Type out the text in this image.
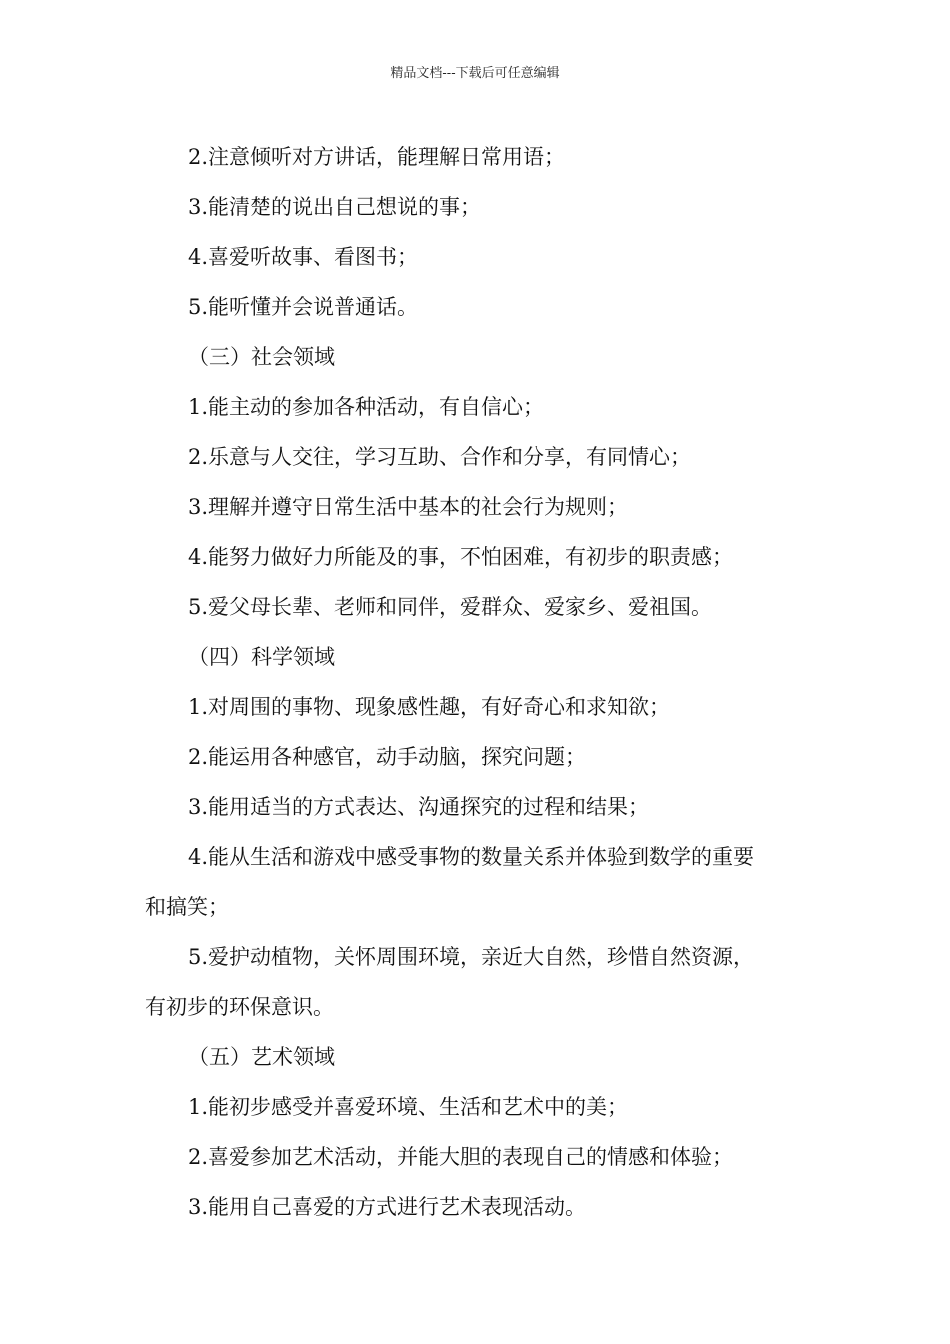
精品文档---下载后可任意编辑
2.注意倾听对方讲话，能理解日常用语；
3.能清楚的说出自己想说的事；
4.喜爱听故事、看图书；
5.能听懂并会说普通话。
（三）社会领域
1.能主动的参加各种活动，有自信心；
2.乐意与人交往，学习互助、合作和分享，有同情心；
3.理解并遵守日常生活中基本的社会行为规则；
4.能努力做好力所能及的事，不怕困难，有初步的职责感；
5.爱父母长辈、老师和同伴，爱群众、爱家乡、爱祖国。
（四）科学领域
1.对周围的事物、现象感性趣，有好奇心和求知欲；
2.能运用各种感官，动手动脑，探究问题；
3.能用适当的方式表达、沟通探究的过程和结果；
4.能从生活和游戏中感受事物的数量关系并体验到数学的重要
和搞笑；
5.爱护动植物，关怀周围环境，亲近大自然，珍惜自然资源，
有初步的环保意识。
（五）艺术领域
1.能初步感受并喜爱环境、生活和艺术中的美；
2.喜爱参加艺术活动，并能大胆的表现自己的情感和体验；
3.能用自己喜爱的方式进行艺术表现活动。
